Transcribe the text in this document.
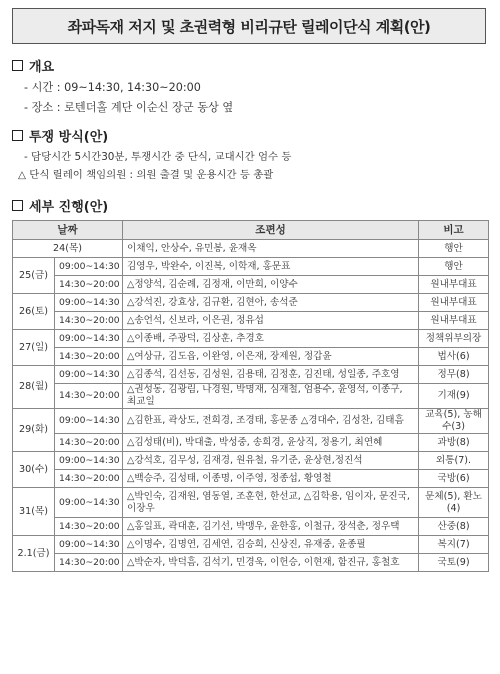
좌파독재 저지 및 초권력형 비리규탄 릴레이단식 계획(안)
개요
- 시간 : 09~14:30, 14:30~20:00
- 장소 : 로텐더홀 계단 이순신 장군 동상 옆
투쟁 방식(안)
- 담당시간 5시간30분, 투쟁시간 중 단식, 교대시간 엄수 등
△ 단식 릴레이 책임의원 : 의원 출결 및 운용시간 등 총괄
세부 진행(안)
날짜		조편성	비고
24(목)		이채익, 안상수, 유민봉, 윤재옥	행안
25(금)	09:00~14:30	김영우, 박완수, 이진복, 이학재, 홍문표	행안
	14:30~20:00	△정양석, 김순례, 김정재, 이만희, 이양수	원내부대표
26(토)	09:00~14:30	△강석진, 강효상, 김규환, 김현아, 송석준	원내부대표
	14:30~20:00	△송언석, 신보라, 이은권, 정유섭	원내부대표
27(일)	09:00~14:30	△이종배, 주광덕, 김상훈, 추경호	정책위부의장
	14:30~20:00	△여상규, 김도읍, 이완영, 이은재, 장제원, 정갑윤	법사(6)
28(월)	09:00~14:30	△김종석, 김선동, 김성원, 김용태, 김정훈, 김진태, 성일종, 주호영	정무(8)
	14:30~20:00	△권성동, 김광림, 나경원, 박명재, 심재철, 엄용수, 윤영석, 이종구, 최교일	기재(9)
29(화)	09:00~14:30	△김한표, 곽상도, 전희경, 조경태, 홍문종 △경대수, 김성찬, 김태흠	교육(5), 농해수(3)
	14:30~20:00	△김성태(비), 박대출, 박성중, 송희경, 윤상직, 정용기, 최연혜	과방(8)
30(수)	09:00~14:30	△강석호, 김무성, 김재경, 원유철, 유기준, 윤상현,정진석	외통(7).
	14:30~20:00	△백승주, 김성태, 이종명, 이주영, 정종섭, 황영철	국방(6)
31(목)	09:00~14:30	△박인숙, 김재원, 염동열, 조훈현, 한선교, △김학용, 임이자, 문진국, 이장우	문체(5), 환노(4)
	14:30~20:00	△홍일표, 곽대훈, 김기선, 박맹우, 윤한홍, 이철규, 장석춘, 정우택	산중(8)
2.1(금)	09:00~14:30	△이명수, 김명연, 김세연, 김승희, 신상진, 유재중, 윤종필	복지(7)
	14:30~20:00	△박순자, 박덕흠, 김석기, 민경욱, 이헌승, 이현재, 함진규, 홍철호	국토(9)
